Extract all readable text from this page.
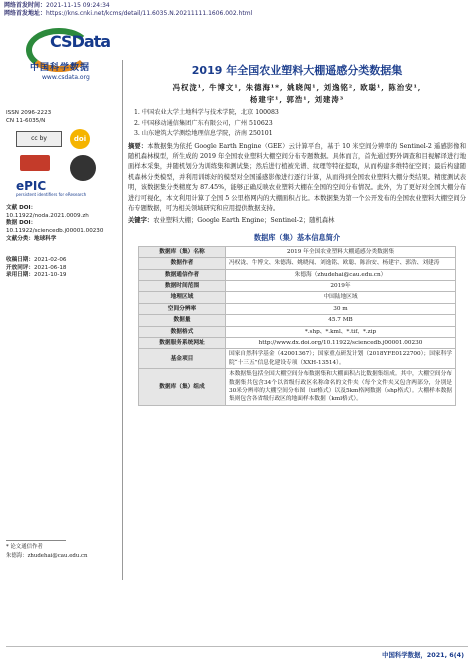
网络首发时间：2021-11-15 09:24:34
网络首发地址：https://kns.cnki.net/kcms/detail/11.6035.N.20211111.1606.002.html
CSData
中国科学数据
www.csdata.org
ISSN 2096-2223
CN 11-6035/N
cc by	doi
ePIC
persistent identifiers for eResearch
文献 DOI：
10.11922/noda.2021.0009.zh
数据 DOI：
10.11922/sciencedb.j00001.00230
文献分类：地球科学
收稿日期：2021-02-06
开放同评：2021-06-18
录用日期：2021-10-19
2019 年全国农业塑料大棚遥感分类数据集
冯权泷¹, 牛博文¹, 朱德海¹*, 姚晓闯¹, 刘逸铭², 欧聪¹, 陈治安¹,
杨建宇¹, 郭浩¹, 刘建涛³
1. 中国农业大学土地科学与技术学院，北京 100083
2. 中国移动通信集团广东有限公司，广州 510623
3. 山东建筑大学测绘地理信息学院，济南 250101
摘要：本数据集为依托 Google Earth Engine（GEE）云计算平台，基于 10 米空间分辨率的 Sentinel-2 遥感影像和随机森林模型，所生成的 2019 年全国农业塑料大棚空间分布专题数据。具体而言，首先通过野外调查和目视解译进行地面样本采集，并随机划分为训练集和测试集；然后进行植被光谱、纹理等特征提取，从而构建多维特征空间；最后构建随机森林分类模型，并利用训练好的模型对全国遥感影像进行逐行计算，从而得到全国农业塑料大棚分类结果。精度测试表明，该数据集分类精度为 87.45%，能够正确反映农业塑料大棚在全国的空间分布情况。此外，为了更好对全国大棚分布进行可视化，本文利用计算了全国 5 公里格网内的大棚面积占比。本数据集为第一个公开发布的全国农业塑料大棚空间分布专题数据，可为相关领域研究和应用提供数据支持。
关键字：农业塑料大棚；Google Earth Engine；Sentinel-2；随机森林
数据库（集）基本信息简介
数据库（集）名称	2019 年全国农业塑料大棚遥感分类数据集
数据作者	冯权泷、牛博文、朱德海、姚晓闯、刘逸铭、欧聪、陈治安、杨建宇、郭浩、刘建涛
数据通信作者	朱德海（zhudehai@cau.edu.cn）
数据时间范围	2019年
地理区域	中国陆地区域
空间分辨率	30 m
数据量	45.7 MB
数据格式	*.shp、*.kml、*.tif、*.zip
数据服务系统网址	http://www.dx.doi.org/10.11922/sciencedb.j00001.00230
基金项目	国家自然科学基金（42001367）；国家重点研发计划（2018YFE0122700）；国家科学院“十三五”信息化建设专项（XXH-13514）。
数据库（集）组成	本数据集包括全国大棚空间分布数据集和大棚面积占比数据集组成。其中，大棚空间分布数据集共包含34个以省级行政区名称命名的文件夹（每个文件夹又包含两部分，分别是30米分辨率的大棚空间分布图（tif格式）以及5km格网数据（shp格式）。大棚样本数据集则包含各省级行政区的地面样本数据（kml格式）。
* 论文通信作者
朱德海：zhudehai@cau.edu.cn
中国科学数据，2021, 6(4)
